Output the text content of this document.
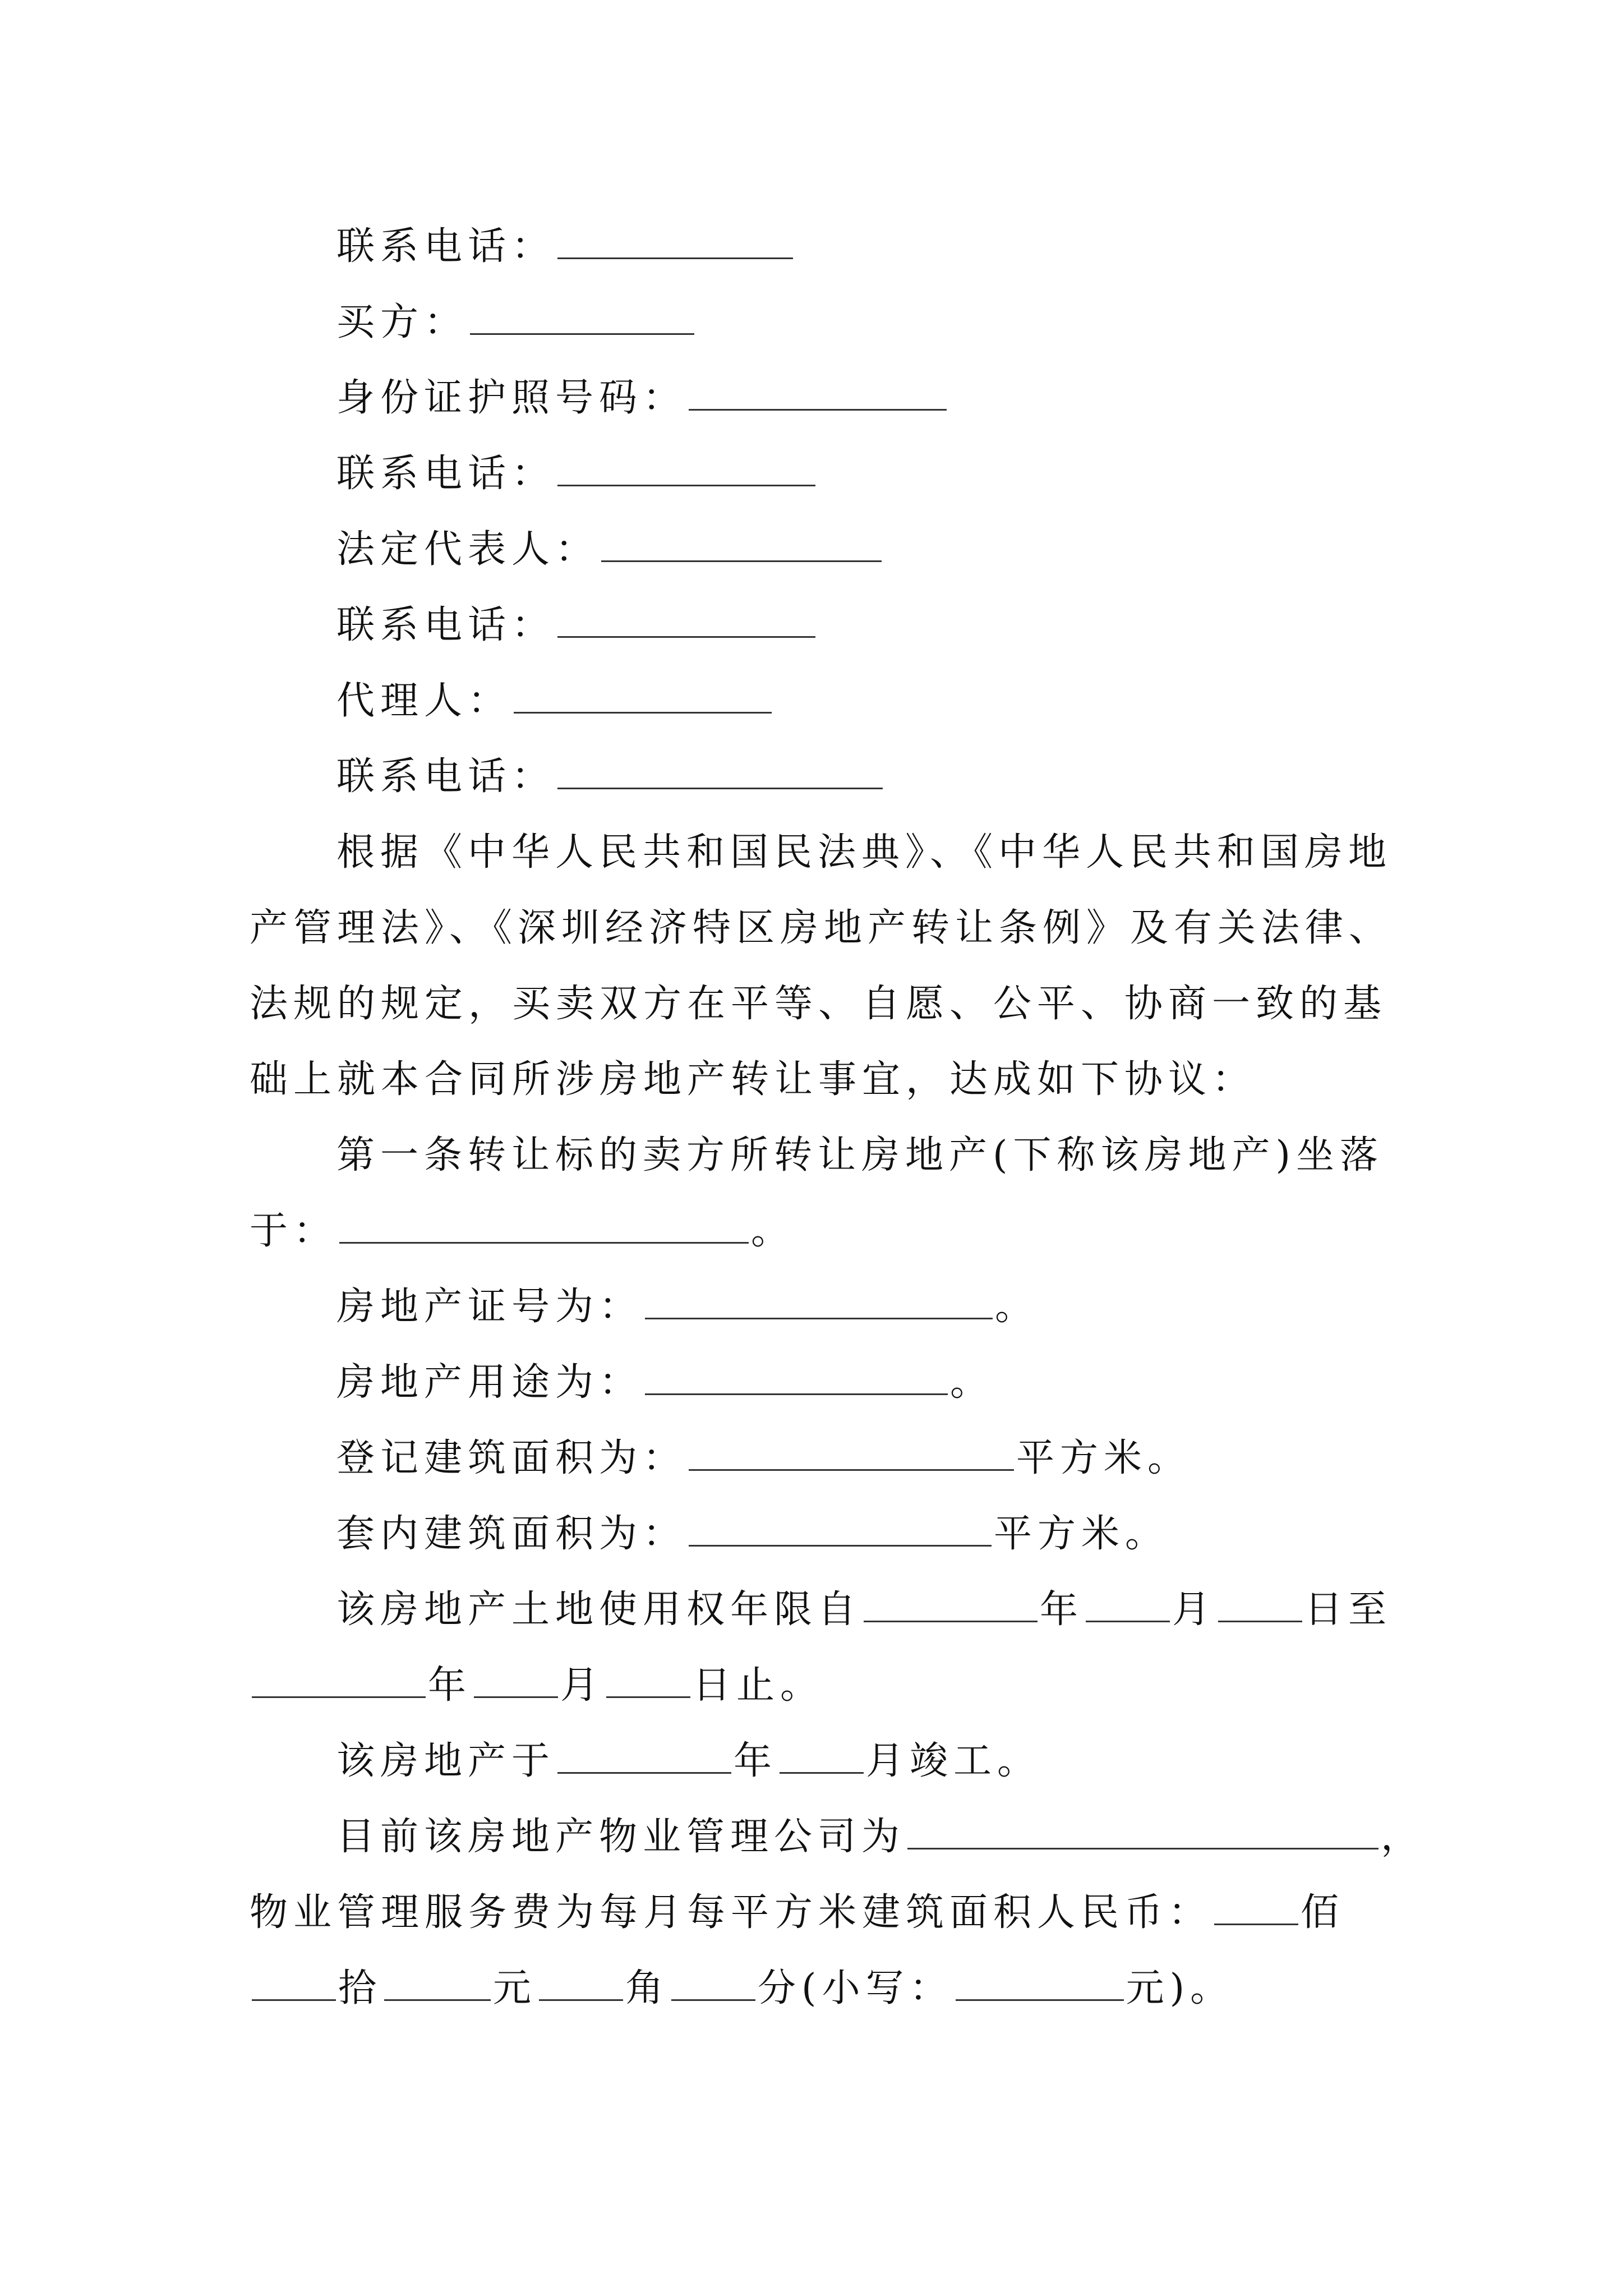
联系电话：
买方：
身份证护照号码：
联系电话：
法定代表人：
联系电话：
代理人：
联系电话：
根据《中华人民共和国民法典》、《中华人民共和国房地
产管理法》、《深圳经济特区房地产转让条例》及有关法律、
法规的规定，买卖双方在平等、自愿、公平、协商一致的基
础上就本合同所涉房地产转让事宜，达成如下协议：
第一条转让标的卖方所转让房地产(下称该房地产)坐落
于：	。
房地产证号为：	。
房地产用途为：	。
登记建筑面积为：	平方米。
套内建筑面积为：	平方米。
该房地产土地使用权年限自	年 月 日至
年 月 日止。
该房地产于	年 月竣工。
目前该房地产物业管理公司为	，
物业管理服务费为每月每平方米建筑面积人民币： 佰
拾	元 角 分(小写：	元)。
